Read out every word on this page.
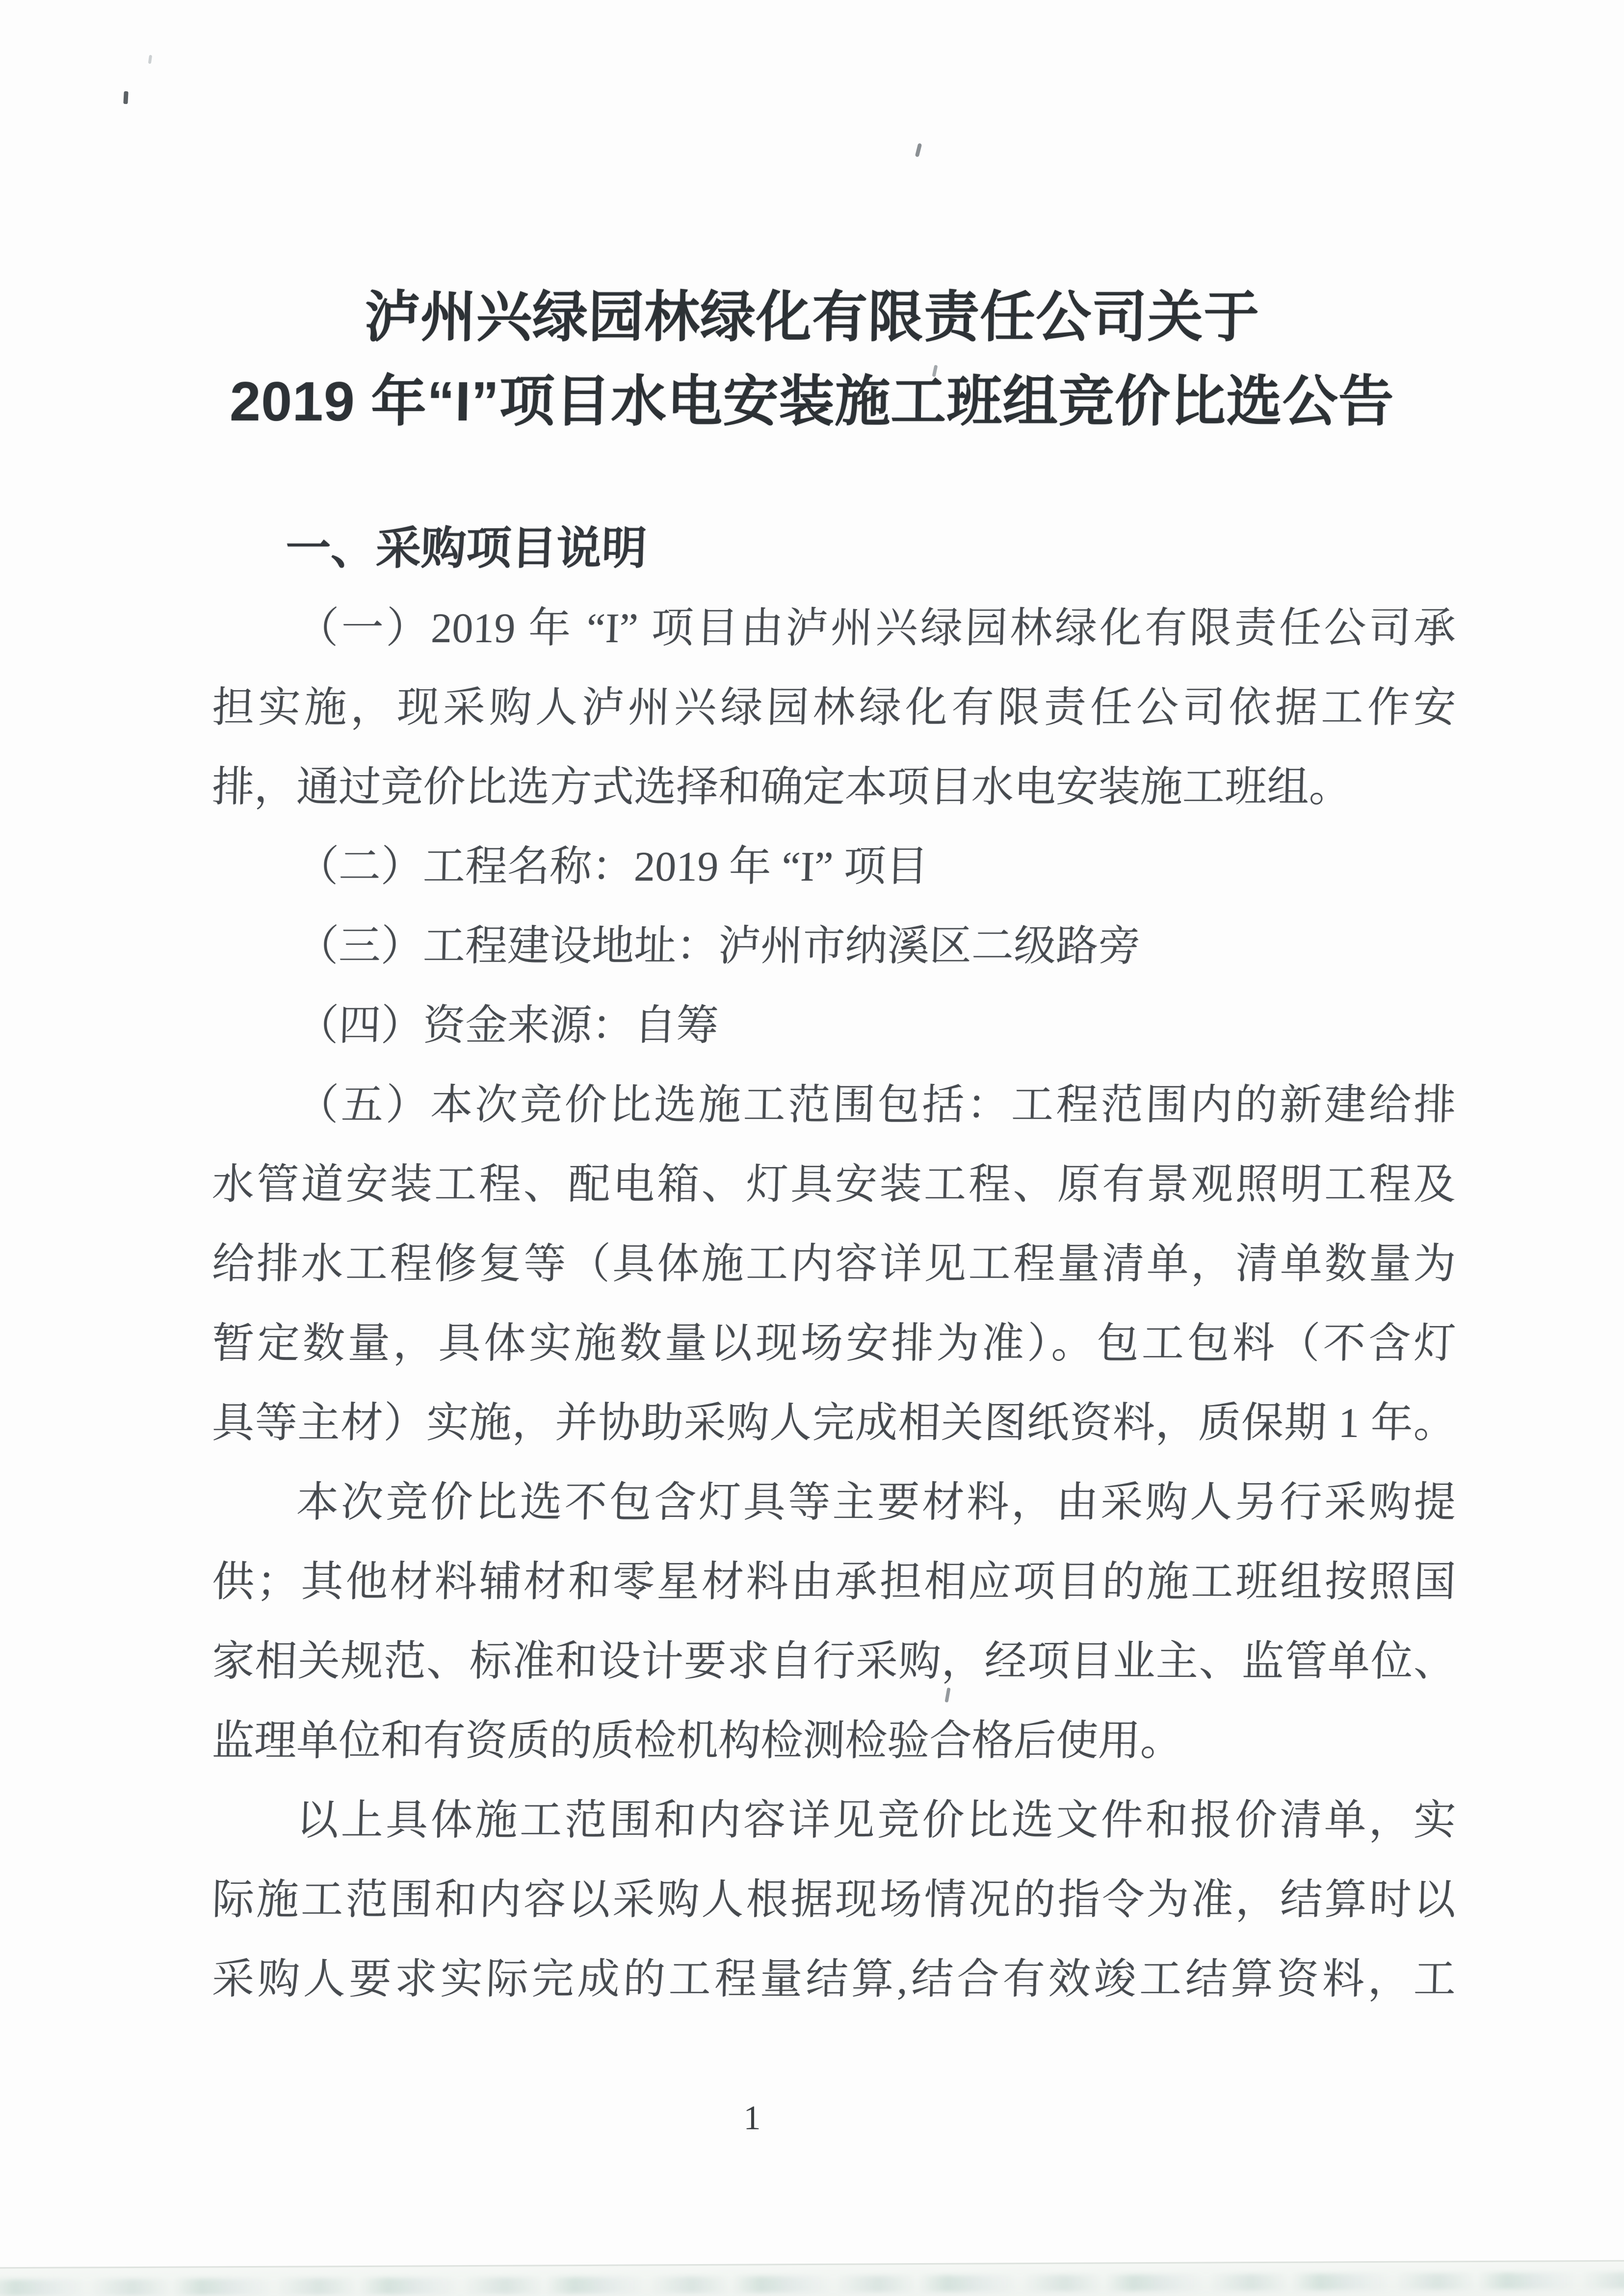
泸州兴绿园林绿化有限责任公司关于
2019 年“I”项目水电安装施工班组竞价比选公告
一、采购项目说明
（一）2019 年 “I” 项目由泸州兴绿园林绿化有限责任公司承
担实施，现采购人泸州兴绿园林绿化有限责任公司依据工作安
排，通过竞价比选方式选择和确定本项目水电安装施工班组。
（二）工程名称：2019 年 “I” 项目
（三）工程建设地址：泸州市纳溪区二级路旁
（四）资金来源：自筹
（五）本次竞价比选施工范围包括：工程范围内的新建给排
水管道安装工程、配电箱、灯具安装工程、原有景观照明工程及
给排水工程修复等（具体施工内容详见工程量清单，清单数量为
暂定数量，具体实施数量以现场安排为准）。包工包料（不含灯
具等主材）实施，并协助采购人完成相关图纸资料，质保期 1 年。
本次竞价比选不包含灯具等主要材料，由采购人另行采购提
供；其他材料辅材和零星材料由承担相应项目的施工班组按照国
家相关规范、标准和设计要求自行采购，经项目业主、监管单位、
监理单位和有资质的质检机构检测检验合格后使用。
以上具体施工范围和内容详见竞价比选文件和报价清单，实
际施工范围和内容以采购人根据现场情况的指令为准，结算时以
采购人要求实际完成的工程量结算,结合有效竣工结算资料，工
1
